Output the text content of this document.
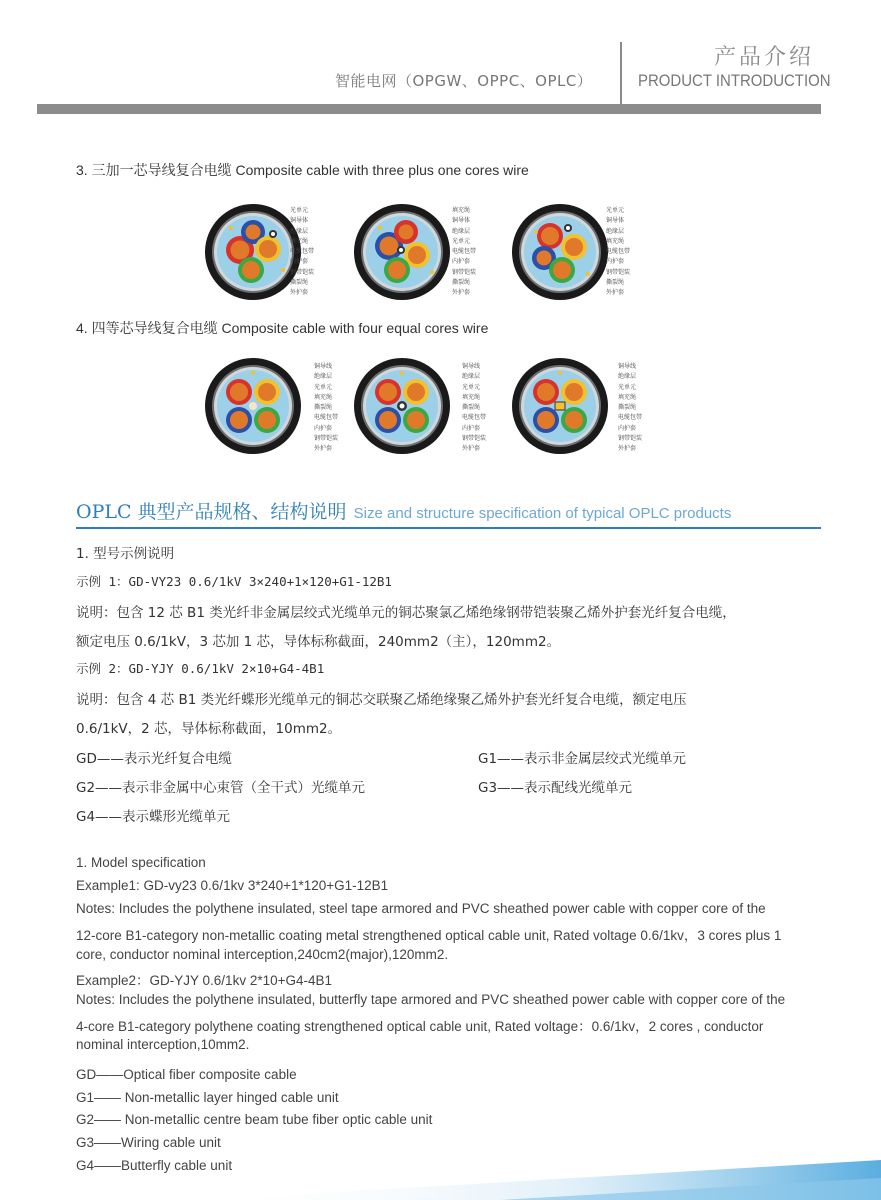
智能电网（OPGW、OPPC、OPLC）
产品介绍
PRODUCT INTRODUCTION
3. 三加一芯导线复合电缆 Composite cable with three plus one cores wire
光单元
铜导体
绝缘层
填充绳
电缆包带
内护套
钢带铠装
撕裂绳
外护套
填充绳
铜导体
绝缘层
光单元
电缆包带
内护套
钢带铠装
撕裂绳
外护套
光单元
铜导体
绝缘层
填充绳
电缆包带
内护套
钢带铠装
撕裂绳
外护套
4. 四等芯导线复合电缆 Composite cable with four equal cores wire
铜导线
绝缘层
光单元
填充绳
撕裂绳
电缆包带
内护套
钢带铠装
外护套
铜导线
绝缘层
光单元
填充绳
撕裂绳
电缆包带
内护套
钢带铠装
外护套
铜导线
绝缘层
光单元
填充绳
撕裂绳
电缆包带
内护套
钢带铠装
外护套
OPLC 典型产品规格、结构说明 Size and structure specification of typical OPLC products
1. 型号示例说明
示例 1：GD-VY23 0.6/1kV 3×240+1×120+G1-12B1
说明：包含 12 芯 B1 类光纤非金属层绞式光缆单元的铜芯聚氯乙烯绝缘钢带铠装聚乙烯外护套光纤复合电缆，
额定电压 0.6/1kV，3 芯加 1 芯，导体标称截面，240mm2（主），120mm2。
示例 2：GD-YJY 0.6/1kV 2×10+G4-4B1
说明：包含 4 芯 B1 类光纤蝶形光缆单元的铜芯交联聚乙烯绝缘聚乙烯外护套光纤复合电缆，额定电压
0.6/1kV，2 芯，导体标称截面，10mm2。
GD——表示光纤复合电缆	G1——表示非金属层绞式光缆单元
G2——表示非金属中心束管（全干式）光缆单元	G3——表示配线光缆单元
G4——表示蝶形光缆单元
1. Model specification
Example1: GD-vy23 0.6/1kv 3*240+1*120+G1-12B1
Notes: Includes the polythene insulated, steel tape armored and PVC sheathed power cable with copper core of the
12-core B1-category non-metallic coating metal strengthened optical cable unit, Rated voltage 0.6/1kv，3 cores plus 1
core, conductor nominal interception,240cm2(major),120mm2.
Example2：GD-YJY 0.6/1kv 2*10+G4-4B1
Notes: Includes the polythene insulated, butterfly tape armored and PVC sheathed power cable with copper core of the
4-core B1-category polythene coating strengthened optical cable unit, Rated voltage：0.6/1kv，2 cores , conductor
nominal interception,10mm2.
GD——Optical fiber composite cable
G1—— Non-metallic layer hinged cable unit
G2—— Non-metallic centre beam tube fiber optic cable unit
G3——Wiring cable unit
G4——Butterfly cable unit
